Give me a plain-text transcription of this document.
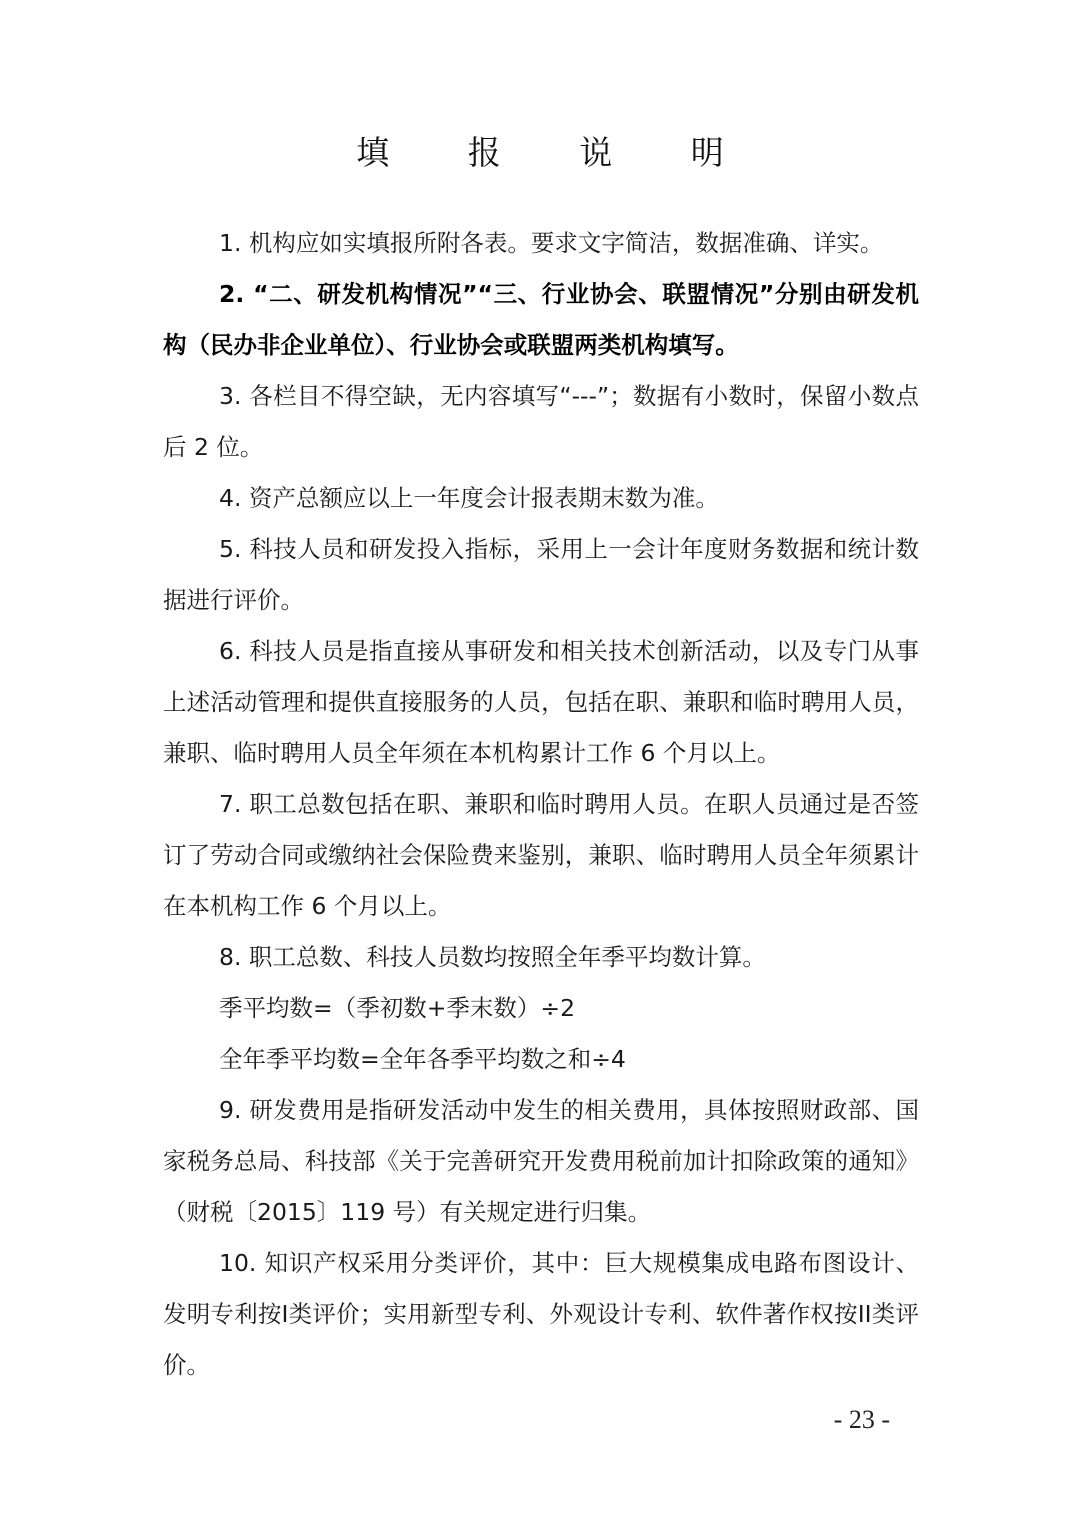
填 报 说 明

1. 机构应如实填报所附各表。要求文字简洁，数据准确、详实。

2. “二、研发机构情况”“三、行业协会、联盟情况”分别由研发机构（民办非企业单位）、行业协会或联盟两类机构填写。

3. 各栏目不得空缺，无内容填写“---”；数据有小数时，保留小数点后 2 位。

4. 资产总额应以上一年度会计报表期末数为准。

5. 科技人员和研发投入指标，采用上一会计年度财务数据和统计数据进行评价。

6. 科技人员是指直接从事研发和相关技术创新活动，以及专门从事上述活动管理和提供直接服务的人员，包括在职、兼职和临时聘用人员，兼职、临时聘用人员全年须在本机构累计工作 6 个月以上。

7. 职工总数包括在职、兼职和临时聘用人员。在职人员通过是否签订了劳动合同或缴纳社会保险费来鉴别，兼职、临时聘用人员全年须累计在本机构工作 6 个月以上。

8. 职工总数、科技人员数均按照全年季平均数计算。

季平均数=（季初数+季末数）÷2

全年季平均数=全年各季平均数之和÷4

9. 研发费用是指研发活动中发生的相关费用，具体按照财政部、国家税务总局、科技部《关于完善研究开发费用税前加计扣除政策的通知》（财税〔2015〕119 号）有关规定进行归集。

10. 知识产权采用分类评价，其中：巨大规模集成电路布图设计、发明专利按I类评价；实用新型专利、外观设计专利、软件著作权按II类评价。

- 23 -
